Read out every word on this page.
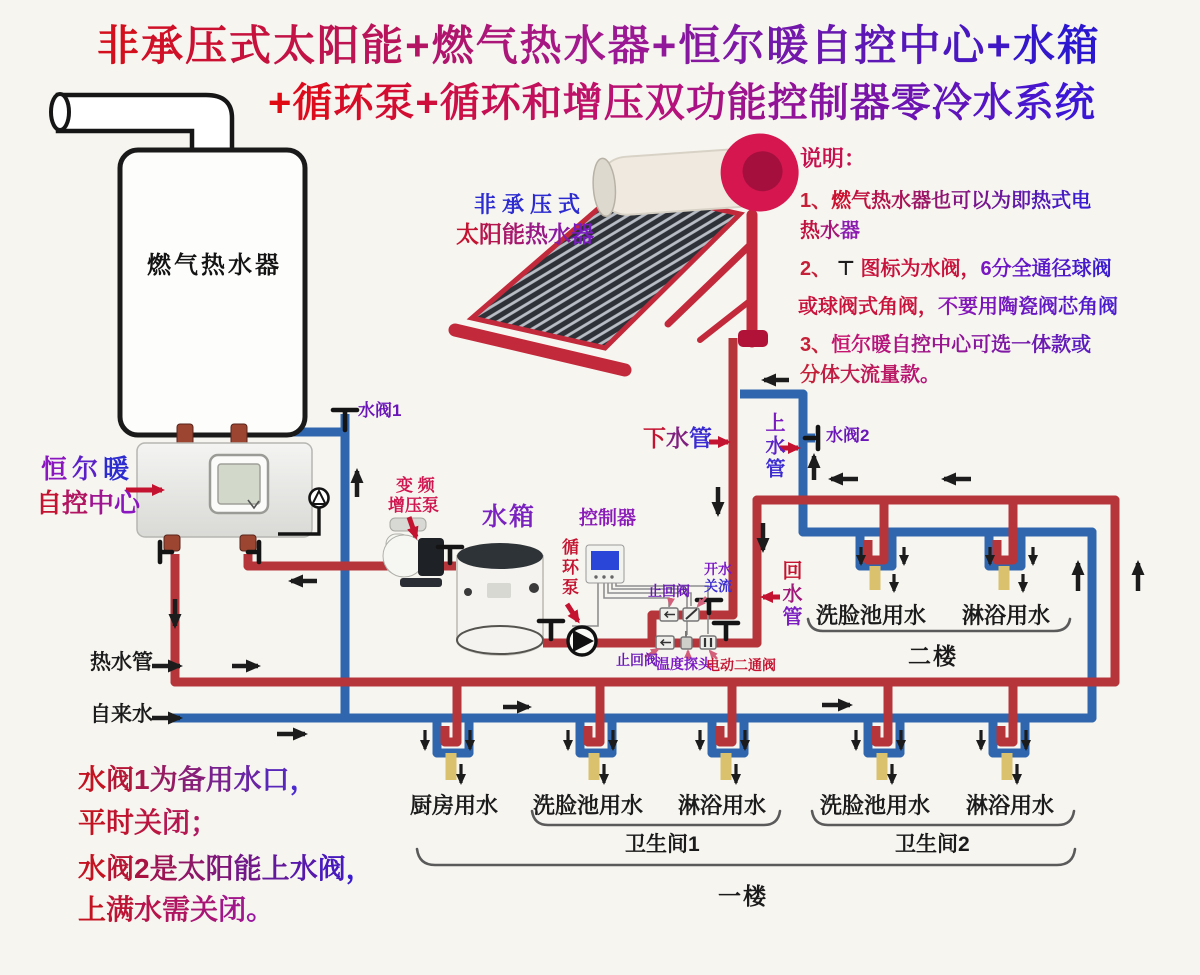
非承压式太阳能+燃气热水器+恒尔暖自控中心+水箱
+循环泵+循环和增压双功能控制器零冷水系统
说明：
1、燃气热水器也可以为即热式电
热水器
2、 ⊤ 图标为水阀，6分全通径球阀
或球阀式角阀，不要用陶瓷阀芯角阀
3、恒尔暖自控中心可选一体款或
分体大流量款。
燃气热水器
非承压式
太阳能热水器
恒尔暖
自控中心
水阀1
变 频
增压泵 水箱 控制器
循环泵	止回阀
开水
关流
止回阀
温度探头
电动二通阀
下水管
上水管
水阀2
回水管
热水管
自来水
洗脸池用水 淋浴用水
二楼
厨房用水 洗脸池用水 淋浴用水
卫生间1
洗脸池用水 淋浴用水
卫生间2
一楼
水阀1为备用水口，
平时关闭；
水阀2是太阳能上水阀，
上满水需关闭。
